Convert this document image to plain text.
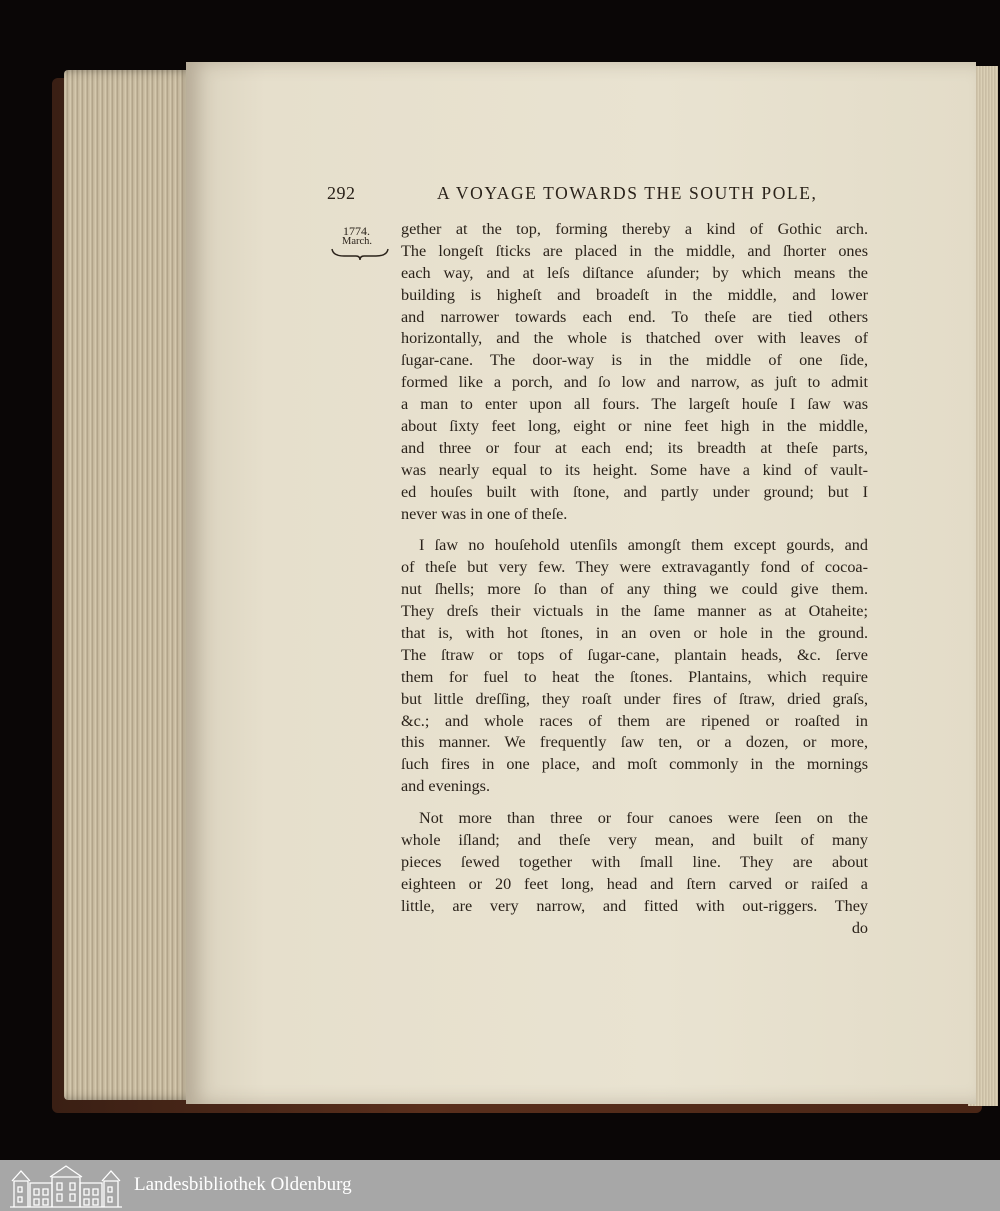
292	A VOYAGE TOWARDS THE SOUTH POLE,
1774.
March.
gether at the top, forming thereby a kind of Gothic arch.
The longeſt ſticks are placed in the middle, and ſhorter ones
each way, and at leſs diſtance aſunder; by which means the
building is higheſt and broadeſt in the middle, and lower
and narrower towards each end. To theſe are tied others
horizontally, and the whole is thatched over with leaves of
ſugar-cane. The door-way is in the middle of one ſide,
formed like a porch, and ſo low and narrow, as juſt to admit
a man to enter upon all fours. The largeſt houſe I ſaw was
about ſixty feet long, eight or nine feet high in the middle,
and three or four at each end; its breadth at theſe parts,
was nearly equal to its height. Some have a kind of vault-
ed houſes built with ſtone, and partly under ground; but I
never was in one of theſe.
I ſaw no houſehold utenſils amongſt them except gourds, and
of theſe but very few. They were extravagantly fond of cocoa-
nut ſhells; more ſo than of any thing we could give them.
They dreſs their victuals in the ſame manner as at Otaheite;
that is, with hot ſtones, in an oven or hole in the ground.
The ſtraw or tops of ſugar-cane, plantain heads, &c. ſerve
them for fuel to heat the ſtones. Plantains, which require
but little dreſſing, they roaſt under fires of ſtraw, dried graſs,
&c.; and whole races of them are ripened or roaſted in
this manner. We frequently ſaw ten, or a dozen, or more,
ſuch fires in one place, and moſt commonly in the mornings
and evenings.
Not more than three or four canoes were ſeen on the
whole iſland; and theſe very mean, and built of many
pieces ſewed together with ſmall line. They are about
eighteen or 20 feet long, head and ſtern carved or raiſed a
little, are very narrow, and fitted with out-riggers. They
do
Landesbibliothek Oldenburg
